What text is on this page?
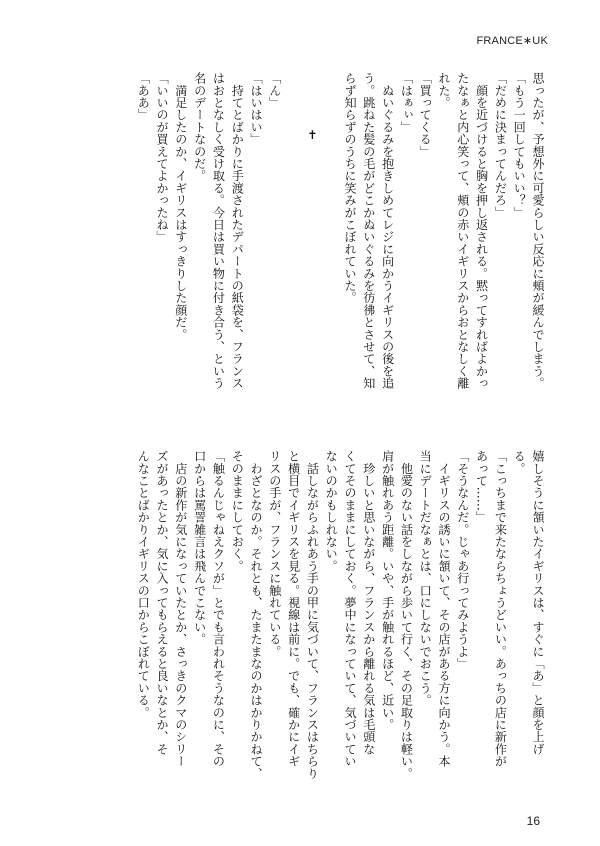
FRANCE∗UK
思ったが、予想外に可愛らしい反応に頰が緩んでしまう。
「もう一回してもいい？」
「だめに決まってんだろ」
　顔を近づけると胸を押し返される。黙ってすればよかっ
たなぁと内心笑って、頰の赤いイギリスからおとなしく離
れた。
「買ってくる」
「はぁぃ」
　ぬいぐるみを抱きしめてレジに向かうイギリスの後を追
う。跳ねた髪の毛がどこかぬいぐるみを彷彿とさせて、知
らず知らずのうちに笑みがこぼれていた。
✝
「ん」
「はいはい」
　持てとばかりに手渡されたデパートの紙袋を、フランス
はおとなしく受け取る。今日は買い物に付き合う、という
名のデートなのだ。
　満足したのか、イギリスはすっきりした顔だ。
「いいのが買えてよかったね」
「ああ」
嬉しそうに頷いたイギリスは、すぐに「あ」と顔を上げ
る。
「こっちまで来たならちょうどいい。あっちの店に新作が
あって……」
「そうなんだ。じゃあ行ってみようよ」
　イギリスの誘いに頷いて、その店がある方に向かう。本
当にデートだなぁとは、口にしないでおこう。
　他愛のない話をしながら歩いて行く、その足取りは軽い。
肩が触れあう距離。いや、手が触れるほど、近い。
　珍しいと思いながら、フランスから離れる気は毛頭な
くてそのままにしておく。夢中になっていて、気づいてい
ないのかもしれない。
　話しながらふれあう手の甲に気づいて、フランスはちらり
と横目でイギリスを見る。視線は前に。でも、確かにイギ
リスの手が、フランスに触れている。
　わざとなのか。それとも、たまたまなのかはかりかねて、
そのままにしておく。
「触るんじゃねえクソが」とでも言われそうなのに、その
口からは罵詈雑言は飛んでこない。
　店の新作が気になっていたとか、さっきのクマのシリー
ズがあったとか、気に入ってもらえると良いなとか、そ
んなことばかりイギリスの口からこぼれている。
16
